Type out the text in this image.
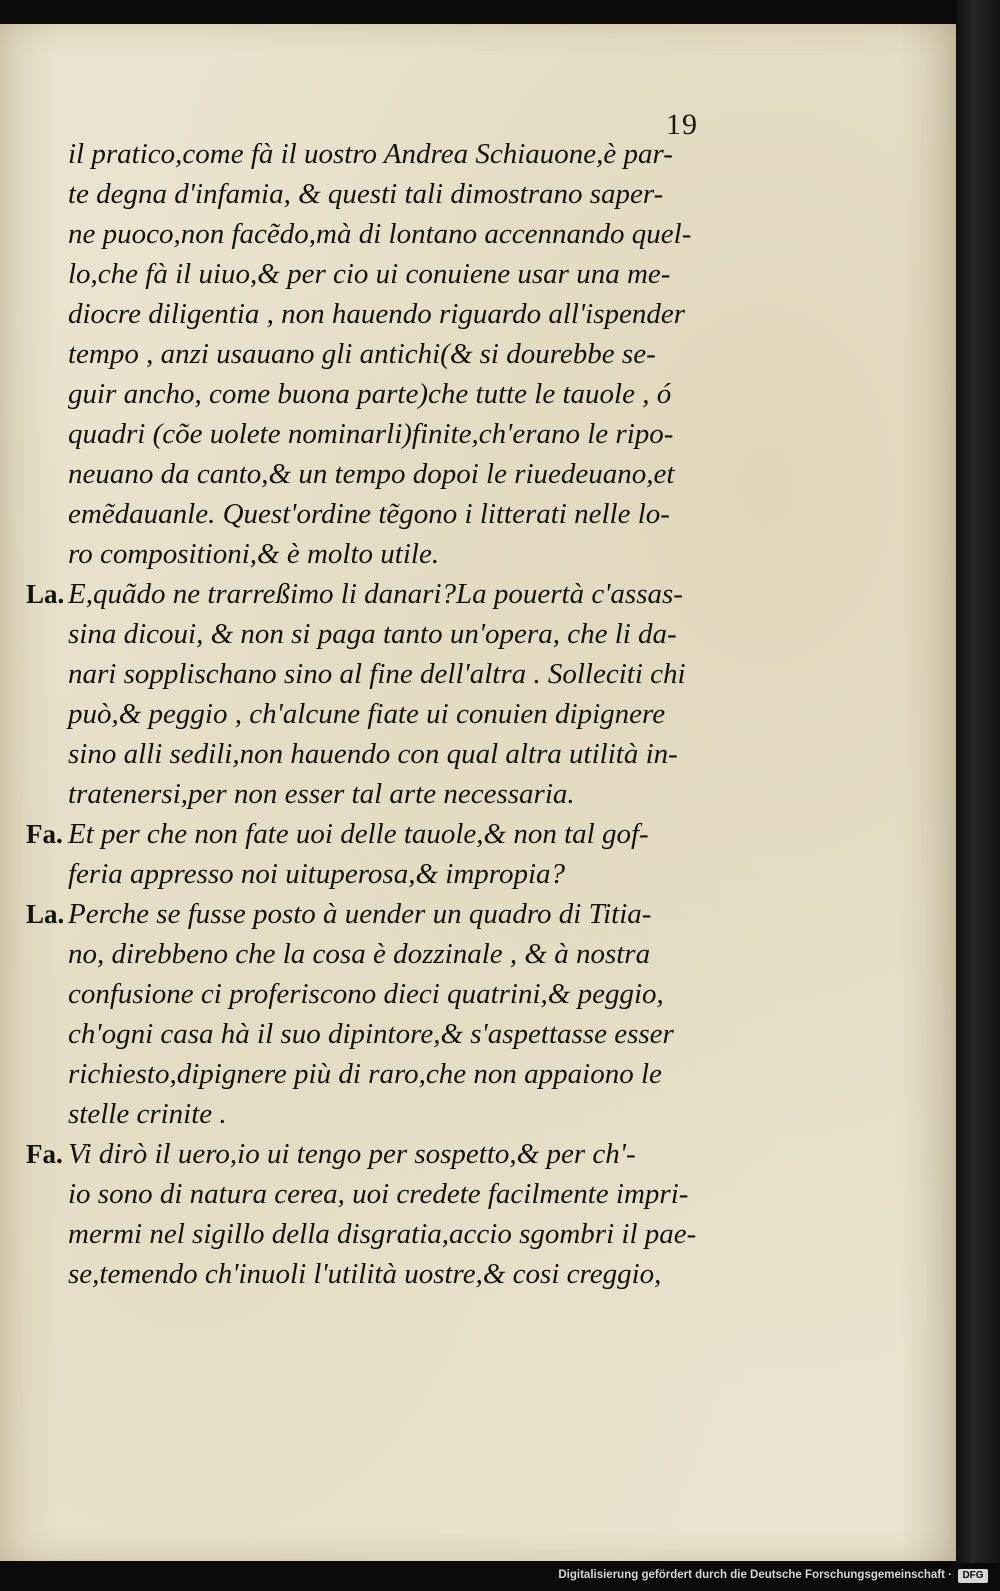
19
il pratico,come fà il uostro Andrea Schiauone,è par-
te degna d'infamia, & questi tali dimostrano saper-
ne puoco,non facẽdo,mà di lontano accennando quel-
lo,che fà il uiuo,& per cio ui conuiene usar una me-
diocre diligentia , non hauendo riguardo all'ispender
tempo , anzi usauano gli antichi(& si dourebbe se-
guir ancho, come buona parte)che tutte le tauole , ó
quadri (cõe uolete nominarli)finite,ch'erano le ripo-
neuano da canto,& un tempo dopoi le riuedeuano,et
emẽdauanle. Quest'ordine tẽgono i litterati nelle lo-
ro compositioni,& è molto utile.
La. E,quãdo ne trarreßimo li danari?La pouertà c'assas-
sina dicoui, & non si paga tanto un'opera, che li da-
nari sopplischano sino al fine dell'altra . Solleciti chi
può,& peggio , ch'alcune fiate ui conuien dipignere
sino alli sedili,non hauendo con qual altra utilità in-
tratenersi,per non esser tal arte necessaria.
Fa. Et per che non fate uoi delle tauole,& non tal gof-
feria appresso noi uituperosa,& impropia?
La. Perche se fusse posto à uender un quadro di Titia-
no, direbbeno che la cosa è dozzinale , & à nostra
confusione ci proferiscono dieci quatrini,& peggio,
ch'ogni casa hà il suo dipintore,& s'aspettasse esser
richiesto,dipignere più di raro,che non appaiono le
stelle crinite .
Fa. Vi dirò il uero,io ui tengo per sospetto,& per ch'-
io sono di natura cerea, uoi credete facilmente impri-
mermi nel sigillo della disgratia,accio sgombri il pae-
se,temendo ch'inuoli l'utilità uostre,& cosi creggio,
Digitalisierung gefördert durch die Deutsche Forschungsgemeinschaft ·	DFG
